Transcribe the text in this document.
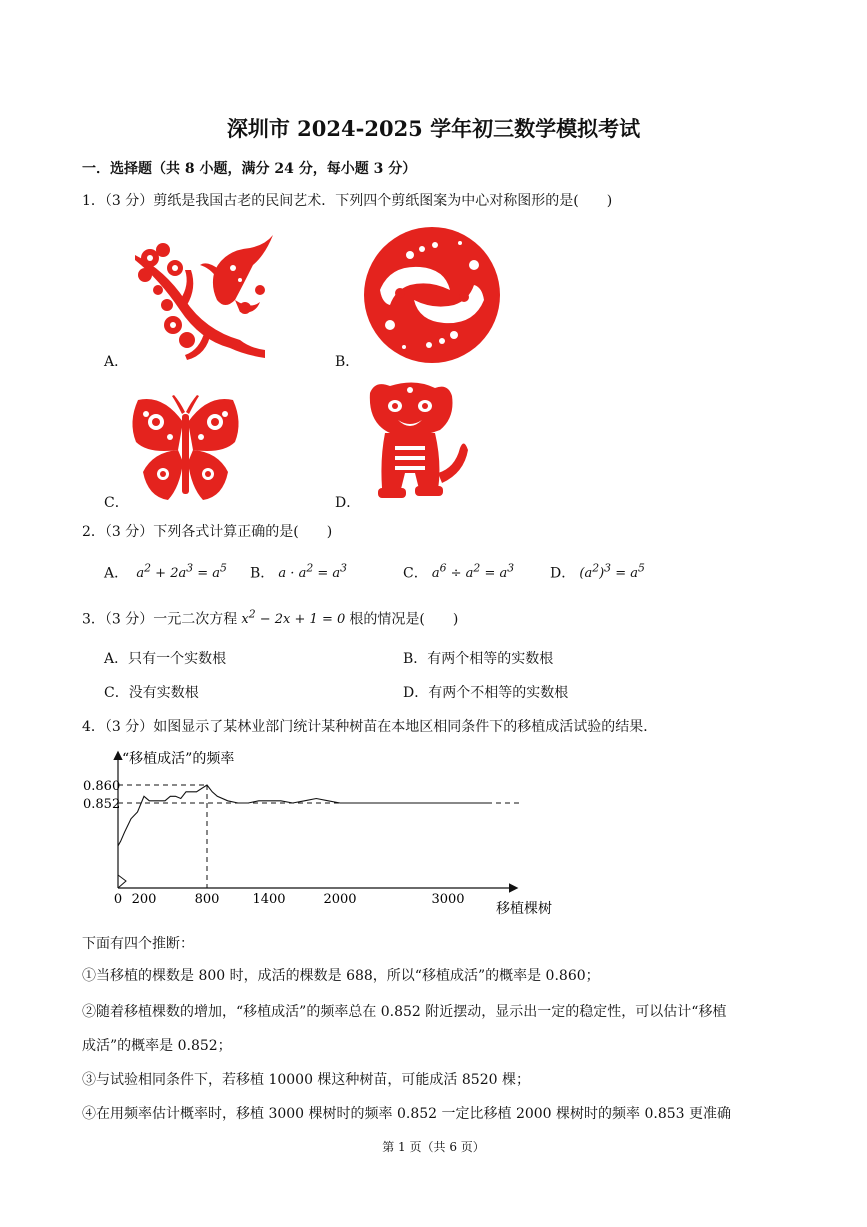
深圳市 2024-2025 学年初三数学模拟考试
一．选择题（共 8 小题，满分 24 分，每小题 3 分）
1．（3 分）剪纸是我国古老的民间艺术．下列四个剪纸图案为中心对称图形的是(　　)
A．	B．
C．	D．
2．（3 分）下列各式计算正确的是(　　)
A．  $a^2 + 2a^3 = a^5$ B． $a \cdot a^2 = a^3$	C． $a^6 \div a^2 = a^3$	D． $(a^2)^3 = a^5$
3．（3 分）一元二次方程 $x^2 - 2x + 1 = 0$ 根的情况是(　　)
A．只有一个实数根	B．有两个相等的实数根
C．没有实数根	D．有两个不相等的实数根
4．（3 分）如图显示了某林业部门统计某种树苗在本地区相同条件下的移植成活试验的结果．
“移植成活”的频率
移植棵树
0.860
0.852
0 200	800	1400	2000	3000
下面有四个推断：
①当移植的棵数是 800 时，成活的棵数是 688，所以“移植成活”的概率是 0.860；
②随着移植棵数的增加，“移植成活”的频率总在 0.852 附近摆动，显示出一定的稳定性，可以估计“移植
成活”的概率是 0.852；
③与试验相同条件下，若移植 10000 棵这种树苗，可能成活 8520 棵；
④在用频率估计概率时，移植 3000 棵树时的频率 0.852 一定比移植 2000 棵树时的频率 0.853 更准确
第 1 页（共 6 页）
